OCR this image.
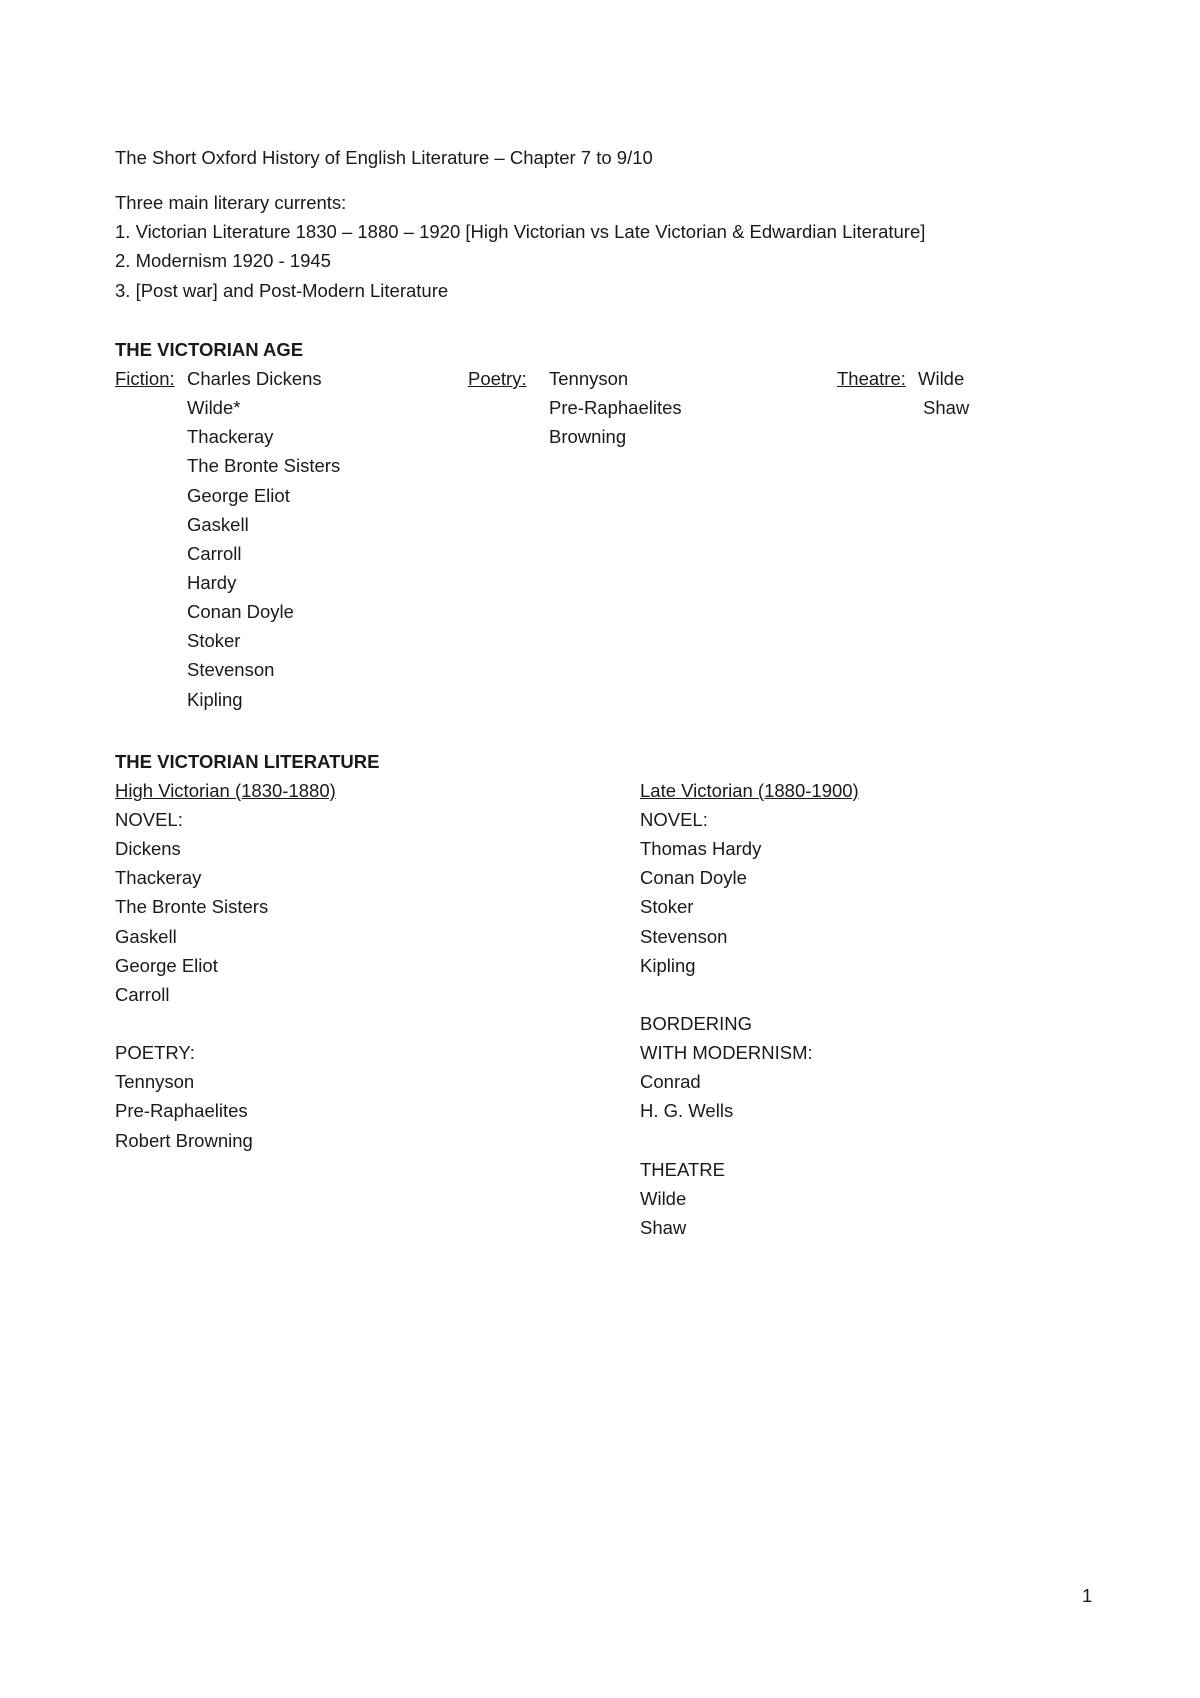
The Short Oxford History of English Literature – Chapter 7 to 9/10
Three main literary currents:
1. Victorian Literature 1830 – 1880 – 1920 [High Victorian vs Late Victorian & Edwardian Literature]
2. Modernism 1920 - 1945
3. [Post war] and Post-Modern Literature
THE VICTORIAN AGE
Fiction: Charles Dickens
Wilde*
Thackeray
The Bronte Sisters
George Eliot
Gaskell
Carroll
Hardy
Conan Doyle
Stoker
Stevenson
Kipling
Poetry: Tennyson
Pre-Raphaelites
Browning
Theatre: Wilde
Shaw
THE VICTORIAN LITERATURE
High Victorian (1830-1880)
NOVEL:
Dickens
Thackeray
The Bronte Sisters
Gaskell
George Eliot
Carroll
POETRY:
Tennyson
Pre-Raphaelites
Robert Browning
Late Victorian (1880-1900)
NOVEL:
Thomas Hardy
Conan Doyle
Stoker
Stevenson
Kipling
BORDERING
WITH MODERNISM:
Conrad
H. G. Wells
THEATRE
Wilde
Shaw
1
